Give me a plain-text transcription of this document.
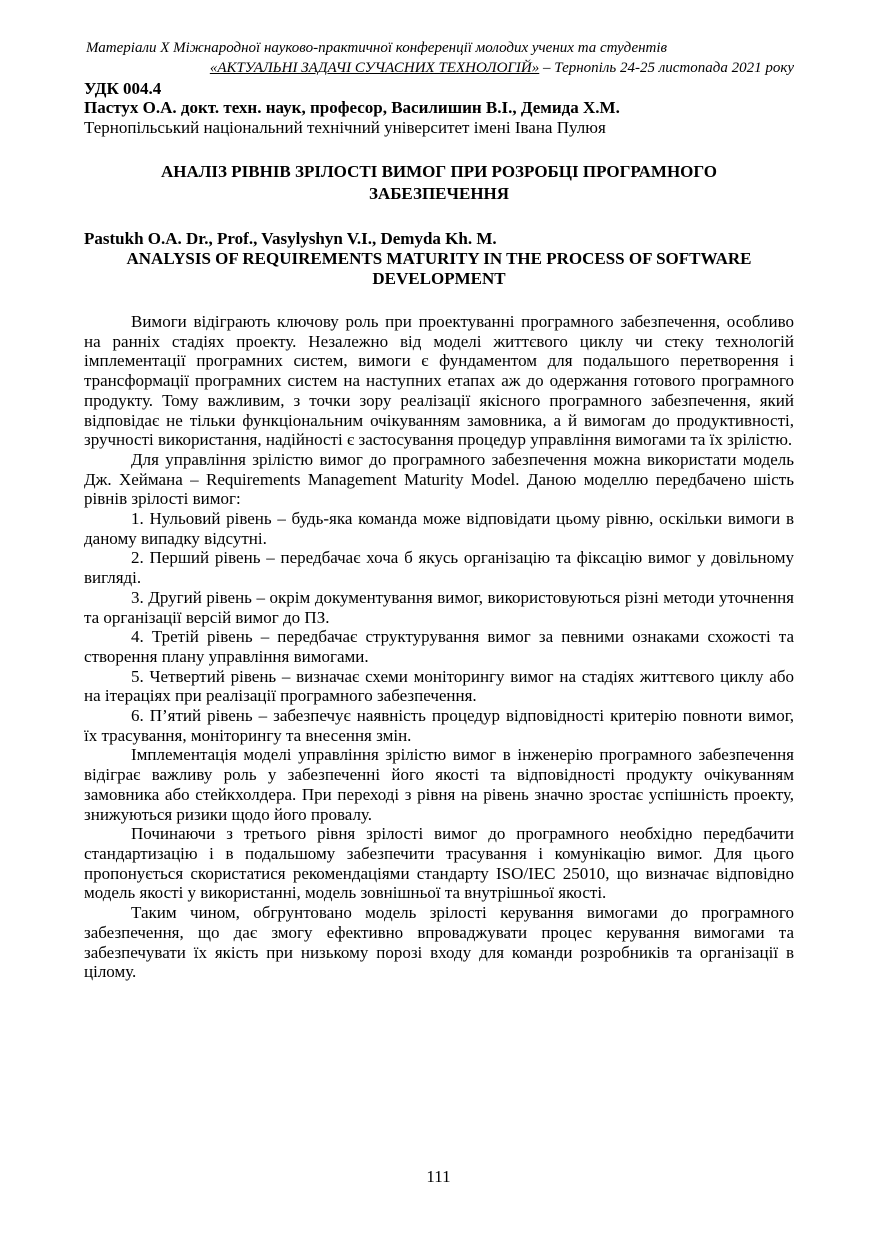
Матеріали Х Міжнародної науково-практичної конференції молодих учених та студентів
«АКТУАЛЬНІ ЗАДАЧІ СУЧАСНИХ ТЕХНОЛОГІЙ» – Тернопіль 24-25 листопада 2021 року
УДК 004.4
Пастух О.А. докт. техн. наук, професор, Василишин В.І., Демида Х.М.
Тернопільський національний технічний університет імені Івана Пулюя
АНАЛІЗ РІВНІВ ЗРІЛОСТІ ВИМОГ ПРИ РОЗРОБЦІ ПРОГРАМНОГО ЗАБЕЗПЕЧЕННЯ
Pastukh O.A. Dr., Prof., Vasylyshyn V.I., Demyda Kh. M.
ANALYSIS OF REQUIREMENTS MATURITY IN THE PROCESS OF SOFTWARE DEVELOPMENT

Вимоги відіграють ключову роль при проектуванні програмного забезпечення, особливо на ранніх стадіях проекту. Незалежно від моделі життєвого циклу чи стеку технологій імплементації програмних систем, вимоги є фундаментом для подальшого перетворення і трансформації програмних систем на наступних етапах аж до одержання готового програмного продукту. Тому важливим, з точки зору реалізації якісного програмного забезпечення, який відповідає не тільки функціональним очікуванням замовника, а й вимогам до продуктивності, зручності використання, надійності є застосування процедур управління вимогами та їх зрілістю.

Для управління зрілістю вимог до програмного забезпечення можна використати модель Дж. Хеймана – Requirements Management Maturity Model. Даною моделлю передбачено шість рівнів зрілості вимог:

1. Нульовий рівень – будь-яка команда може відповідати цьому рівню, оскільки вимоги в даному випадку відсутні.

2. Перший рівень – передбачає хоча б якусь організацію та фіксацію вимог у довільному вигляді.

3. Другий рівень – окрім документування вимог, використовуються різні методи уточнення та організації версій вимог до ПЗ.

4. Третій рівень – передбачає структурування вимог за певними ознаками схожості та створення плану управління вимогами.

5. Четвертий рівень – визначає схеми моніторингу вимог на стадіях життєвого циклу або на ітераціях при реалізації програмного забезпечення.

6. П’ятий рівень – забезпечує наявність процедур відповідності критерію повноти вимог, їх трасування, моніторингу та внесення змін.

Імплементація моделі управління зрілістю вимог в інженерію програмного забезпечення відіграє важливу роль у забезпеченні його якості та відповідності продукту очікуванням замовника або стейкхолдера. При переході з рівня на рівень значно зростає успішність проекту, знижуються ризики щодо його провалу.

Починаючи з третього рівня зрілості вимог до програмного необхідно передбачити стандартизацію і в подальшому забезпечити трасування і комунікацію вимог. Для цього пропонується скористатися рекомендаціями стандарту ISO/IEC 25010, що визначає відповідно модель якості у використанні, модель зовнішньої та внутрішньої якості.

Таким чином, обгрунтовано модель зрілості керування вимогами до програмного забезпечення, що дає змогу ефективно впроваджувати процес керування вимогами та забезпечувати їх якість при низькому порозі входу для команди розробників та організації в цілому.

111
